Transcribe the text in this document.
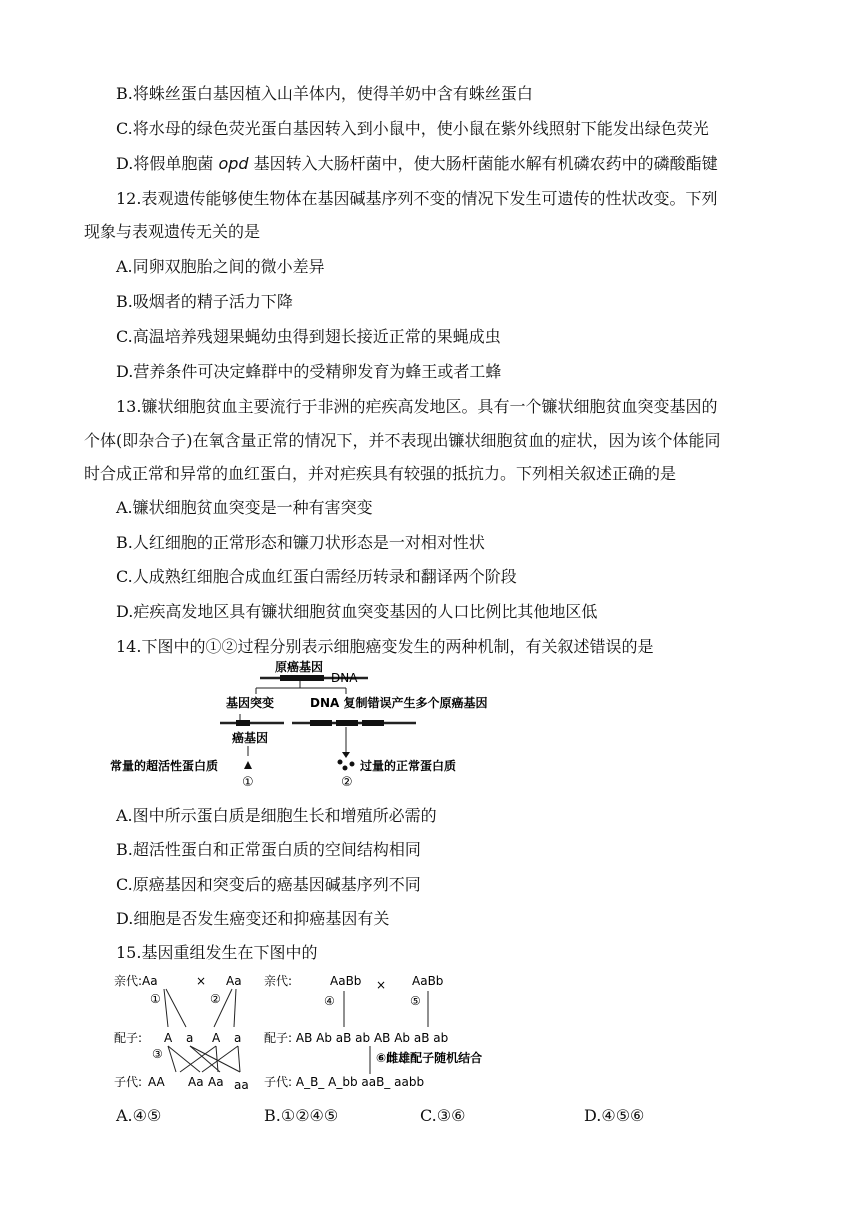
B.将蛛丝蛋白基因植入山羊体内，使得羊奶中含有蛛丝蛋白
C.将水母的绿色荧光蛋白基因转入到小鼠中，使小鼠在紫外线照射下能发出绿色荧光
D.将假单胞菌 opd 基因转入大肠杆菌中，使大肠杆菌能水解有机磷农药中的磷酸酯键
12.表观遗传能够使生物体在基因碱基序列不变的情况下发生可遗传的性状改变。下列
现象与表观遗传无关的是
A.同卵双胞胎之间的微小差异
B.吸烟者的精子活力下降
C.高温培养残翅果蝇幼虫得到翅长接近正常的果蝇成虫
D.营养条件可决定蜂群中的受精卵发育为蜂王或者工蜂
13.镰状细胞贫血主要流行于非洲的疟疾高发地区。具有一个镰状细胞贫血突变基因的
个体(即杂合子)在氧含量正常的情况下，并不表现出镰状细胞贫血的症状，因为该个体能同
时合成正常和异常的血红蛋白，并对疟疾具有较强的抵抗力。下列相关叙述正确的是
A.镰状细胞贫血突变是一种有害突变
B.人红细胞的正常形态和镰刀状形态是一对相对性状
C.人成熟红细胞合成血红蛋白需经历转录和翻译两个阶段
D.疟疾高发地区具有镰状细胞贫血突变基因的人口比例比其他地区低
14.下图中的①②过程分别表示细胞癌变发生的两种机制，有关叙述错误的是
原癌基因
DNA
基因突变	DNA 复制错误产生多个原癌基因
癌基因
常量的超活性蛋白质
①
过量的正常蛋白质
②
A.图中所示蛋白质是细胞生长和增殖所必需的
B.超活性蛋白和正常蛋白质的空间结构相同
C.原癌基因和突变后的癌基因碱基序列不同
D.细胞是否发生癌变还和抑癌基因有关
15.基因重组发生在下图中的
亲代:Aa	× Aa
①	②
配子: A a A a
③
子代: AA Aa Aa aa
亲代:	AaBb × AaBb
④	⑤
配子: AB Ab aB ab AB Ab aB ab
⑥雌雄配子随机结合
子代: A_B_ A_bb aaB_ aabb
A.④⑤	B.①②④⑤	C.③⑥	D.④⑤⑥
